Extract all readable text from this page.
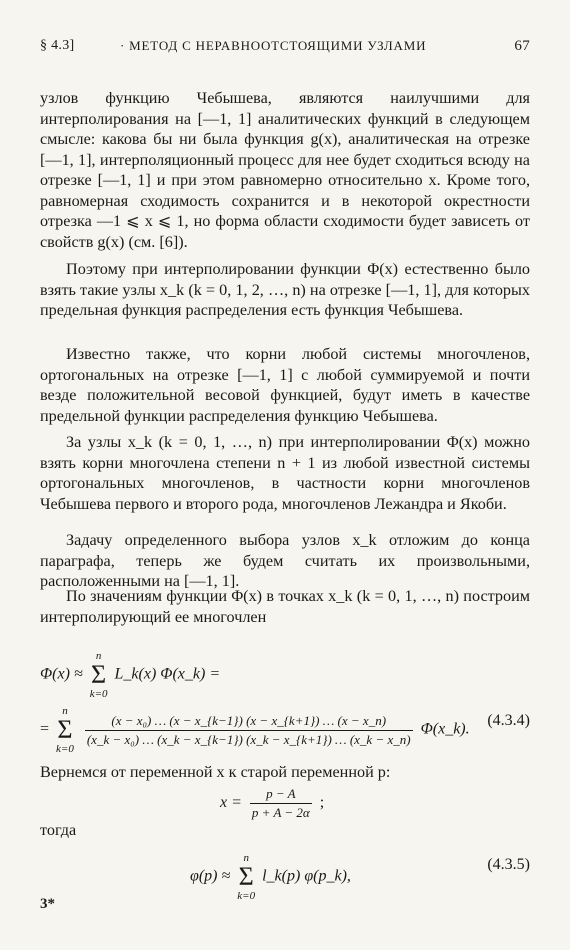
§ 4.3]	· МЕТОД С НЕРАВНООТСТОЯЩИМИ УЗЛАМИ	67
узлов функцию Чебышева, являются наилучшими для интерполирования на [—1, 1] аналитических функций в следующем смысле: какова бы ни была функция g(x), аналитическая на отрезке [—1, 1], интерполяционный процесс для нее будет сходиться всюду на отрезке [—1, 1] и при этом равномерно относительно x. Кроме того, равномерная сходимость сохранится и в некоторой окрестности отрезка —1 ⩽ x ⩽ 1, но форма области сходимости будет зависеть от свойств g(x) (см. [6]).
Поэтому при интерполировании функции Φ(x) естественно было взять такие узлы x_k (k = 0, 1, 2, …, n) на отрезке [—1, 1], для которых предельная функция распределения есть функция Чебышева.
Известно также, что корни любой системы многочленов, ортогональных на отрезке [—1, 1] с любой суммируемой и почти везде положительной весовой функцией, будут иметь в качестве предельной функции распределения функцию Чебышева.
За узлы x_k (k = 0, 1, …, n) при интерполировании Φ(x) можно взять корни многочлена степени n + 1 из любой известной системы ортогональных многочленов, в частности корни многочленов Чебышева первого и второго рода, многочленов Лежандра и Якоби.
Задачу определенного выбора узлов x_k отложим до конца параграфа, теперь же будем считать их произвольными, расположенными на [—1, 1].
По значениям функции Φ(x) в точках x_k (k = 0, 1, …, n) построим интерполирующий ее многочлен
Φ(x) ≈
n
Σ
k=0
L_k(x) Φ(x_k) =
=
n
Σ
k=0

$\frac{\text{(x − x₀) … (x − x\_\{k−1\}) (x − x\_\{k+1\}) … (x − x\_n)}}{\text{(x\_k − x₀) … (x\_k − x\_\{k−1\}) (x\_k − x\_\{k+1\}) … (x\_k − x\_n)}}$ Φ(x_k).
(4.3.4)
Вернемся от переменной x к старой переменной p:
$x = \frac{p - A}{p + A - 2\alpha}$ ;
тогда
φ(p) ≈
n
Σ
k=0
l_k(p) φ(p_k),
(4.3.5)
3*
